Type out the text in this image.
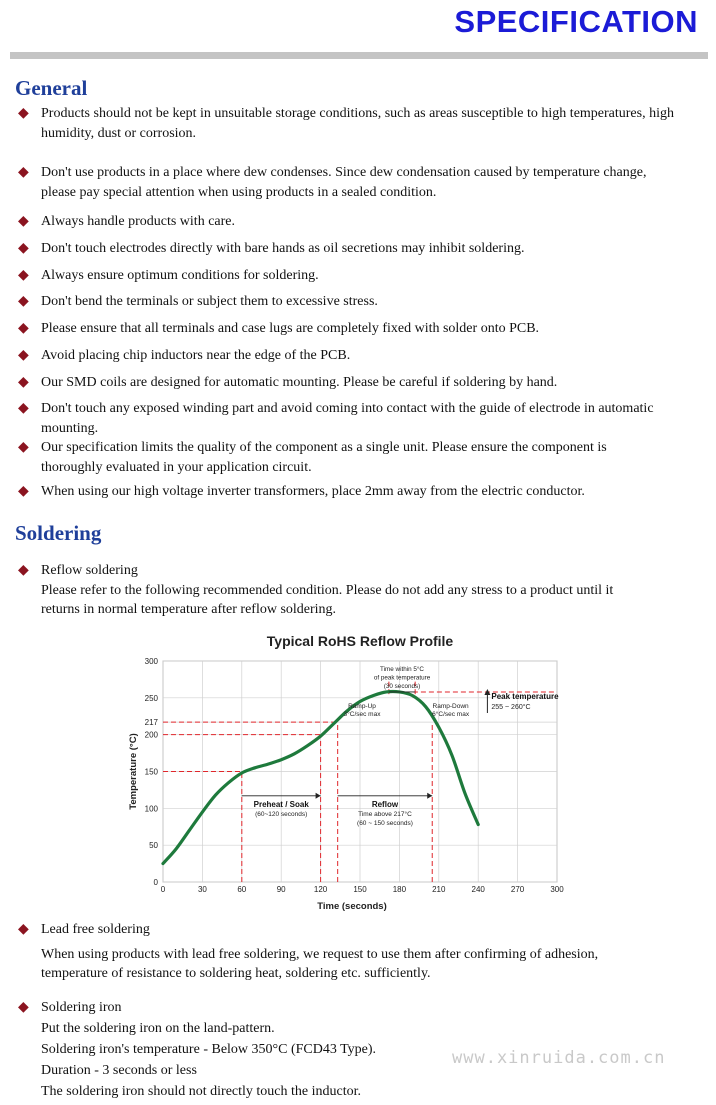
SPECIFICATION
General
◆ Products should not be kept in unsuitable storage conditions, such as areas susceptible to high temperatures, high
humidity, dust or corrosion.
◆ Don't use products in a place where dew condenses. Since dew condensation caused by temperature change,
please pay special attention when using products in a sealed condition.
◆ Always handle products with care.
◆ Don't touch electrodes directly with bare hands as oil secretions may inhibit soldering.
◆ Always ensure optimum conditions for soldering.
◆ Don't bend the terminals or subject them to excessive stress.
◆ Please ensure that all terminals and case lugs are completely fixed with solder onto PCB.
◆ Avoid placing chip inductors near the edge of the PCB.
◆ Our SMD coils are designed for automatic mounting. Please be careful if soldering by hand.
◆ Don't touch any exposed winding part and avoid coming into contact with the guide of electrode in automatic
mounting.
◆ Our specification limits the quality of the component as a single unit. Please ensure the component is
thoroughly evaluated in your application circuit.
◆ When using our high voltage inverter transformers, place 2mm away from the electric conductor.
Soldering
◆ Reflow soldering
Please refer to the following recommended condition. Please do not add any stress to a product until it
returns in normal temperature after reflow soldering.
0	30	60	90	120	150	180	210	240	270	300
0
50
100
150
200
217
250
300
Typical RoHS Reflow Profile
Time (seconds)
Temperature (°C)
Time within 5°C
of peak temperature
(30 seconds)
Peak temperature
255 ~ 260°C
Ramp-Up
3°C/sec max
Ramp-Down
6°C/sec max
Preheat / Soak
(60~120 seconds)
Reflow
Time above 217°C
(60 ~ 150 seconds)
◆ Lead free soldering
When using products with lead free soldering, we request to use them after confirming of adhesion,
temperature of resistance to soldering heat, soldering etc. sufficiently.
◆ Soldering iron
Put the soldering iron on the land-pattern.
Soldering iron's temperature - Below 350°C (FCD43 Type).
Duration - 3 seconds or less
The soldering iron should not directly touch the inductor.
www.xinruida.com.cn
